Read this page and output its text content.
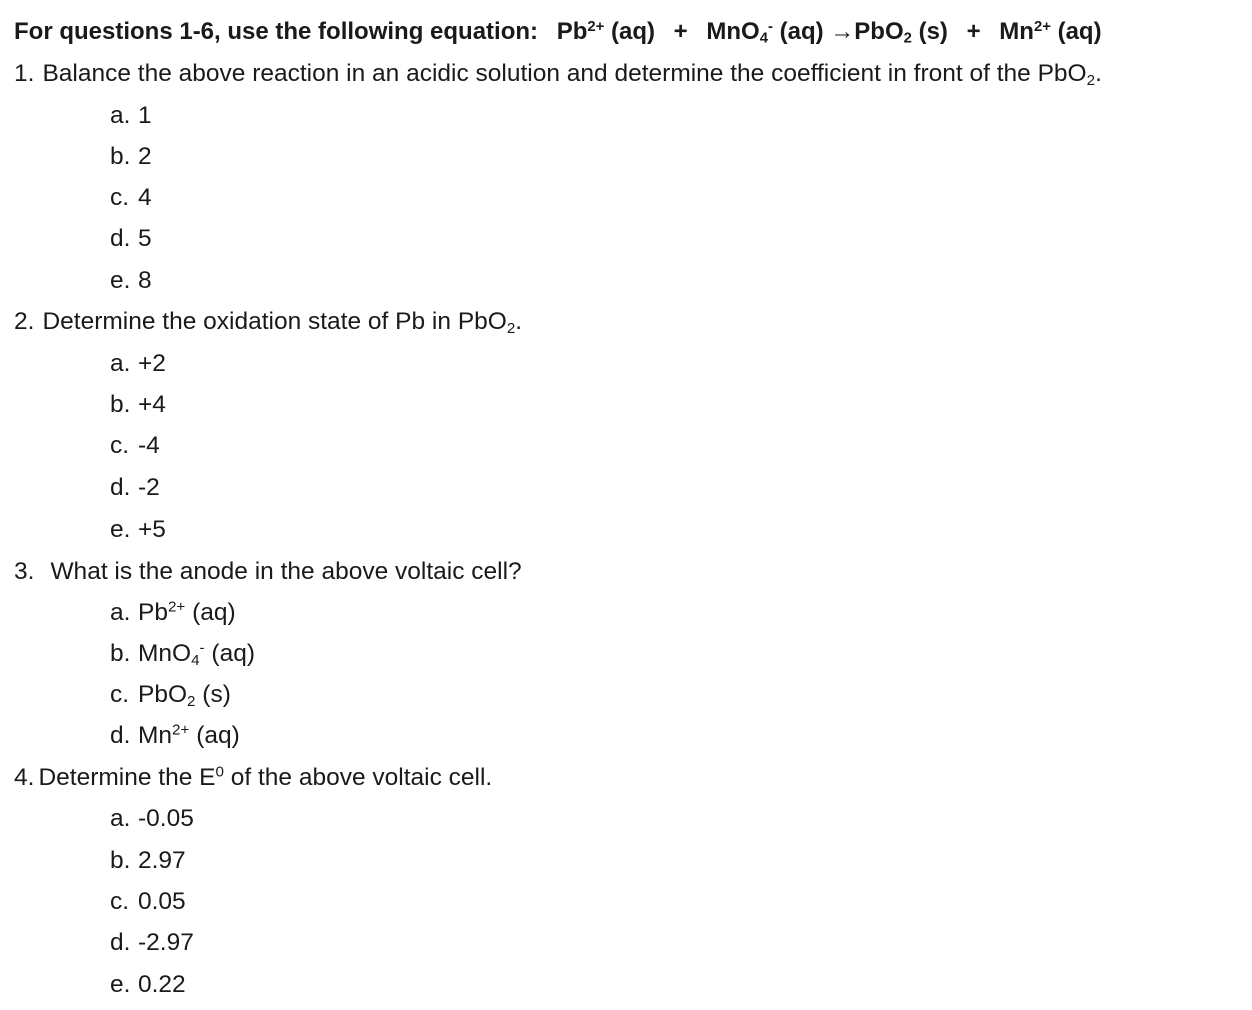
For questions 1-6, use the following equation: $Pb^{2+}$ (aq) + MnO$_4$- (aq) →PbO$_2$ $(s) + Mn^{2+}$ (aq)
1. Balance the above reaction in an acidic solution and determine the coefficient in front of the PbO$_2$.
a. 1
b. 2
c. 4
d. 5
e. 8
2. Determine the oxidation state of Pb in PbO$_2$.
a. +2
b. +4
c. -4
d. -2
e. +5
3. What is the anode in the above voltaic cell?
a. $Pb^{2+}$ (aq)
b. MnO$_4$- (aq)
c. PbO$_2$ (s)
d. $Mn^{2+}$ (aq)
4. Determine the $E^0$ of the above voltaic cell.
a. -0.05
b. 2.97
c. 0.05
d. -2.97
e. 0.22
